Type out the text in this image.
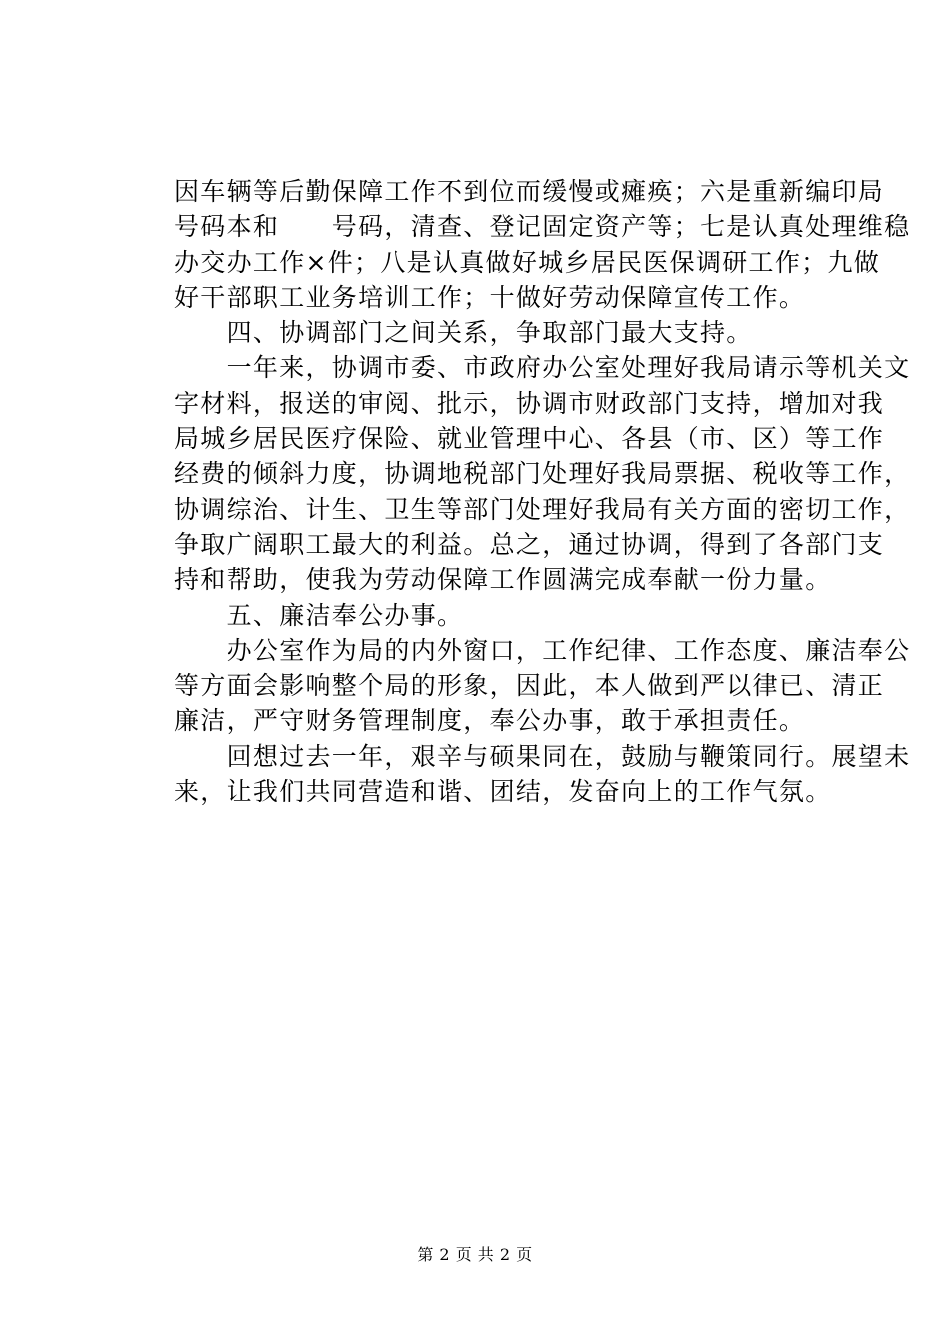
因车辆等后勤保障工作不到位而缓慢或瘫痪；六是重新编印局
号码本和　　号码，清查、登记固定资产等；七是认真处理维稳
办交办工作×件；八是认真做好城乡居民医保调研工作；九做
好干部职工业务培训工作；十做好劳动保障宣传工作。
　　四、协调部门之间关系，争取部门最大支持。
　　一年来，协调市委、市政府办公室处理好我局请示等机关文
字材料，报送的审阅、批示，协调市财政部门支持，增加对我
局城乡居民医疗保险、就业管理中心、各县（市、区）等工作
经费的倾斜力度，协调地税部门处理好我局票据、税收等工作，
协调综治、计生、卫生等部门处理好我局有关方面的密切工作，
争取广阔职工最大的利益。总之，通过协调，得到了各部门支
持和帮助，使我为劳动保障工作圆满完成奉献一份力量。
　　五、廉洁奉公办事。
　　办公室作为局的内外窗口，工作纪律、工作态度、廉洁奉公
等方面会影响整个局的形象，因此，本人做到严以律已、清正
廉洁，严守财务管理制度，奉公办事，敢于承担责任。
　　回想过去一年，艰辛与硕果同在，鼓励与鞭策同行。展望未
来，让我们共同营造和谐、团结，发奋向上的工作气氛。
第 2 页 共 2 页
